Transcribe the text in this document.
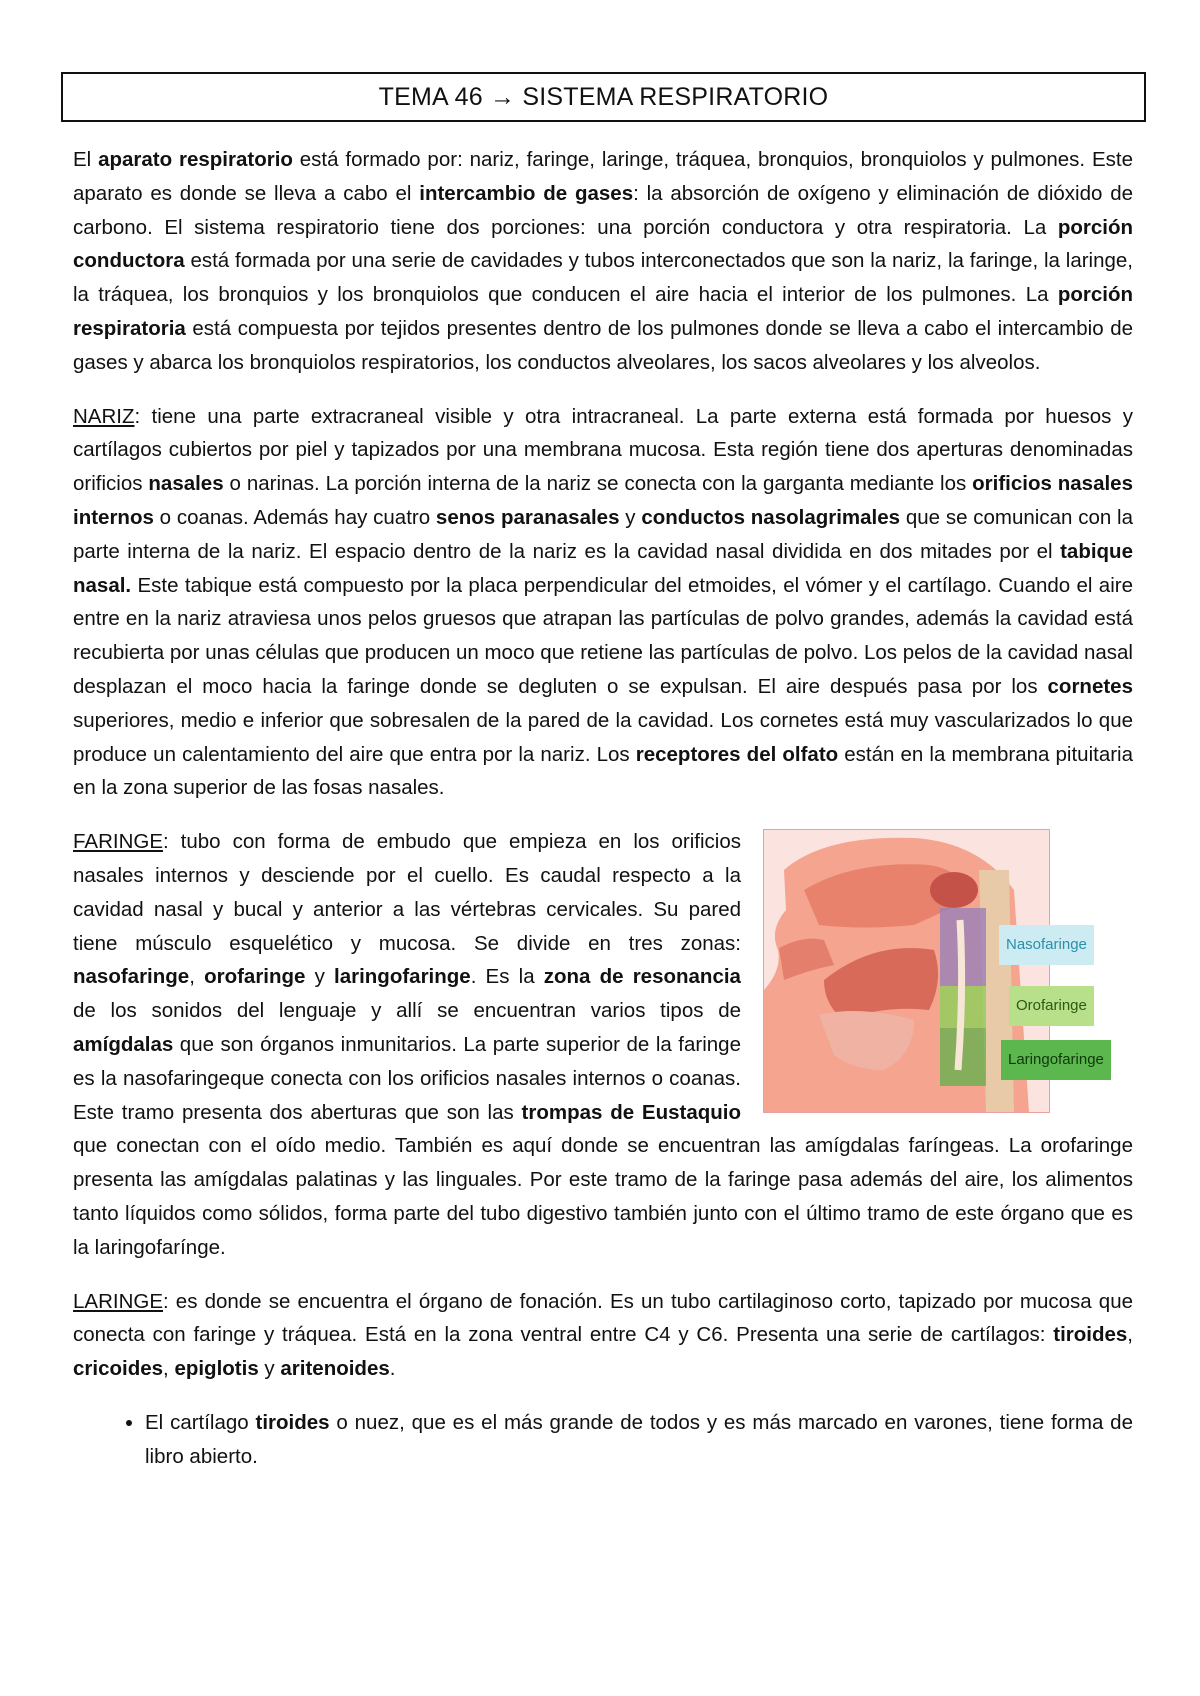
TEMA 46 → SISTEMA RESPIRATORIO

El aparato respiratorio está formado por: nariz, faringe, laringe, tráquea, bronquios, bronquiolos y pulmones. Este aparato es donde se lleva a cabo el intercambio de gases: la absorción de oxígeno y eliminación de dióxido de carbono. El sistema respiratorio tiene dos porciones: una porción conductora y otra respiratoria. La porción conductora está formada por una serie de cavidades y tubos interconectados que son la nariz, la faringe, la laringe, la tráquea, los bronquios y los bronquiolos que conducen el aire hacia el interior de los pulmones. La porción respiratoria está compuesta por tejidos presentes dentro de los pulmones donde se lleva a cabo el intercambio de gases y abarca los bronquiolos respiratorios, los conductos alveolares, los sacos alveolares y los alveolos.

NARIZ: tiene una parte extracraneal visible y otra intracraneal. La parte externa está formada por huesos y cartílagos cubiertos por piel y tapizados por una membrana mucosa. Esta región tiene dos aperturas denominadas orificios nasales o narinas. La porción interna de la nariz se conecta con la garganta mediante los orificios nasales internos o coanas. Además hay cuatro senos paranasales y conductos nasolagrimales que se comunican con la parte interna de la nariz. El espacio dentro de la nariz es la cavidad nasal dividida en dos mitades por el tabique nasal. Este tabique está compuesto por la placa perpendicular del etmoides, el vómer y el cartílago. Cuando el aire entre en la nariz atraviesa unos pelos gruesos que atrapan las partículas de polvo grandes, además la cavidad está recubierta por unas células que producen un moco que retiene las partículas de polvo. Los pelos de la cavidad nasal desplazan el moco hacia la faringe donde se degluten o se expulsan. El aire después pasa por los cornetes superiores, medio e inferior que sobresalen de la pared de la cavidad. Los cornetes está muy vascularizados lo que produce un calentamiento del aire que entra por la nariz. Los receptores del olfato están en la membrana pituitaria en la zona superior de las fosas nasales.

Nasofaringe
Orofaringe
Laringofaringe
FARINGE: tubo con forma de embudo que empieza en los orificios nasales internos y desciende por el cuello. Es caudal respecto a la cavidad nasal y bucal y anterior a las vértebras cervicales. Su pared tiene músculo esquelético y mucosa. Se divide en tres zonas: nasofaringe, orofaringe y laringofaringe. Es la zona de resonancia de los sonidos del lenguaje y allí se encuentran varios tipos de amígdalas que son órganos inmunitarios. La parte superior de la faringe es la nasofaringeque conecta con los orificios nasales internos o coanas. Este tramo presenta dos aberturas que son las trompas de Eustaquio que conectan con el oído medio. También es aquí donde se encuentran las amígdalas faríngeas. La orofaringe presenta las amígdalas palatinas y las linguales. Por este tramo de la faringe pasa además del aire, los alimentos tanto líquidos como sólidos, forma parte del tubo digestivo también junto con el último tramo de este órgano que es la laringofarínge.

LARINGE: es donde se encuentra el órgano de fonación. Es un tubo cartilaginoso corto, tapizado por mucosa que conecta con faringe y tráquea. Está en la zona ventral entre C4 y C6. Presenta una serie de cartílagos: tiroides, cricoides, epiglotis y aritenoides.

• El cartílago tiroides o nuez, que es el más grande de todos y es más marcado en varones, tiene forma de libro abierto.
